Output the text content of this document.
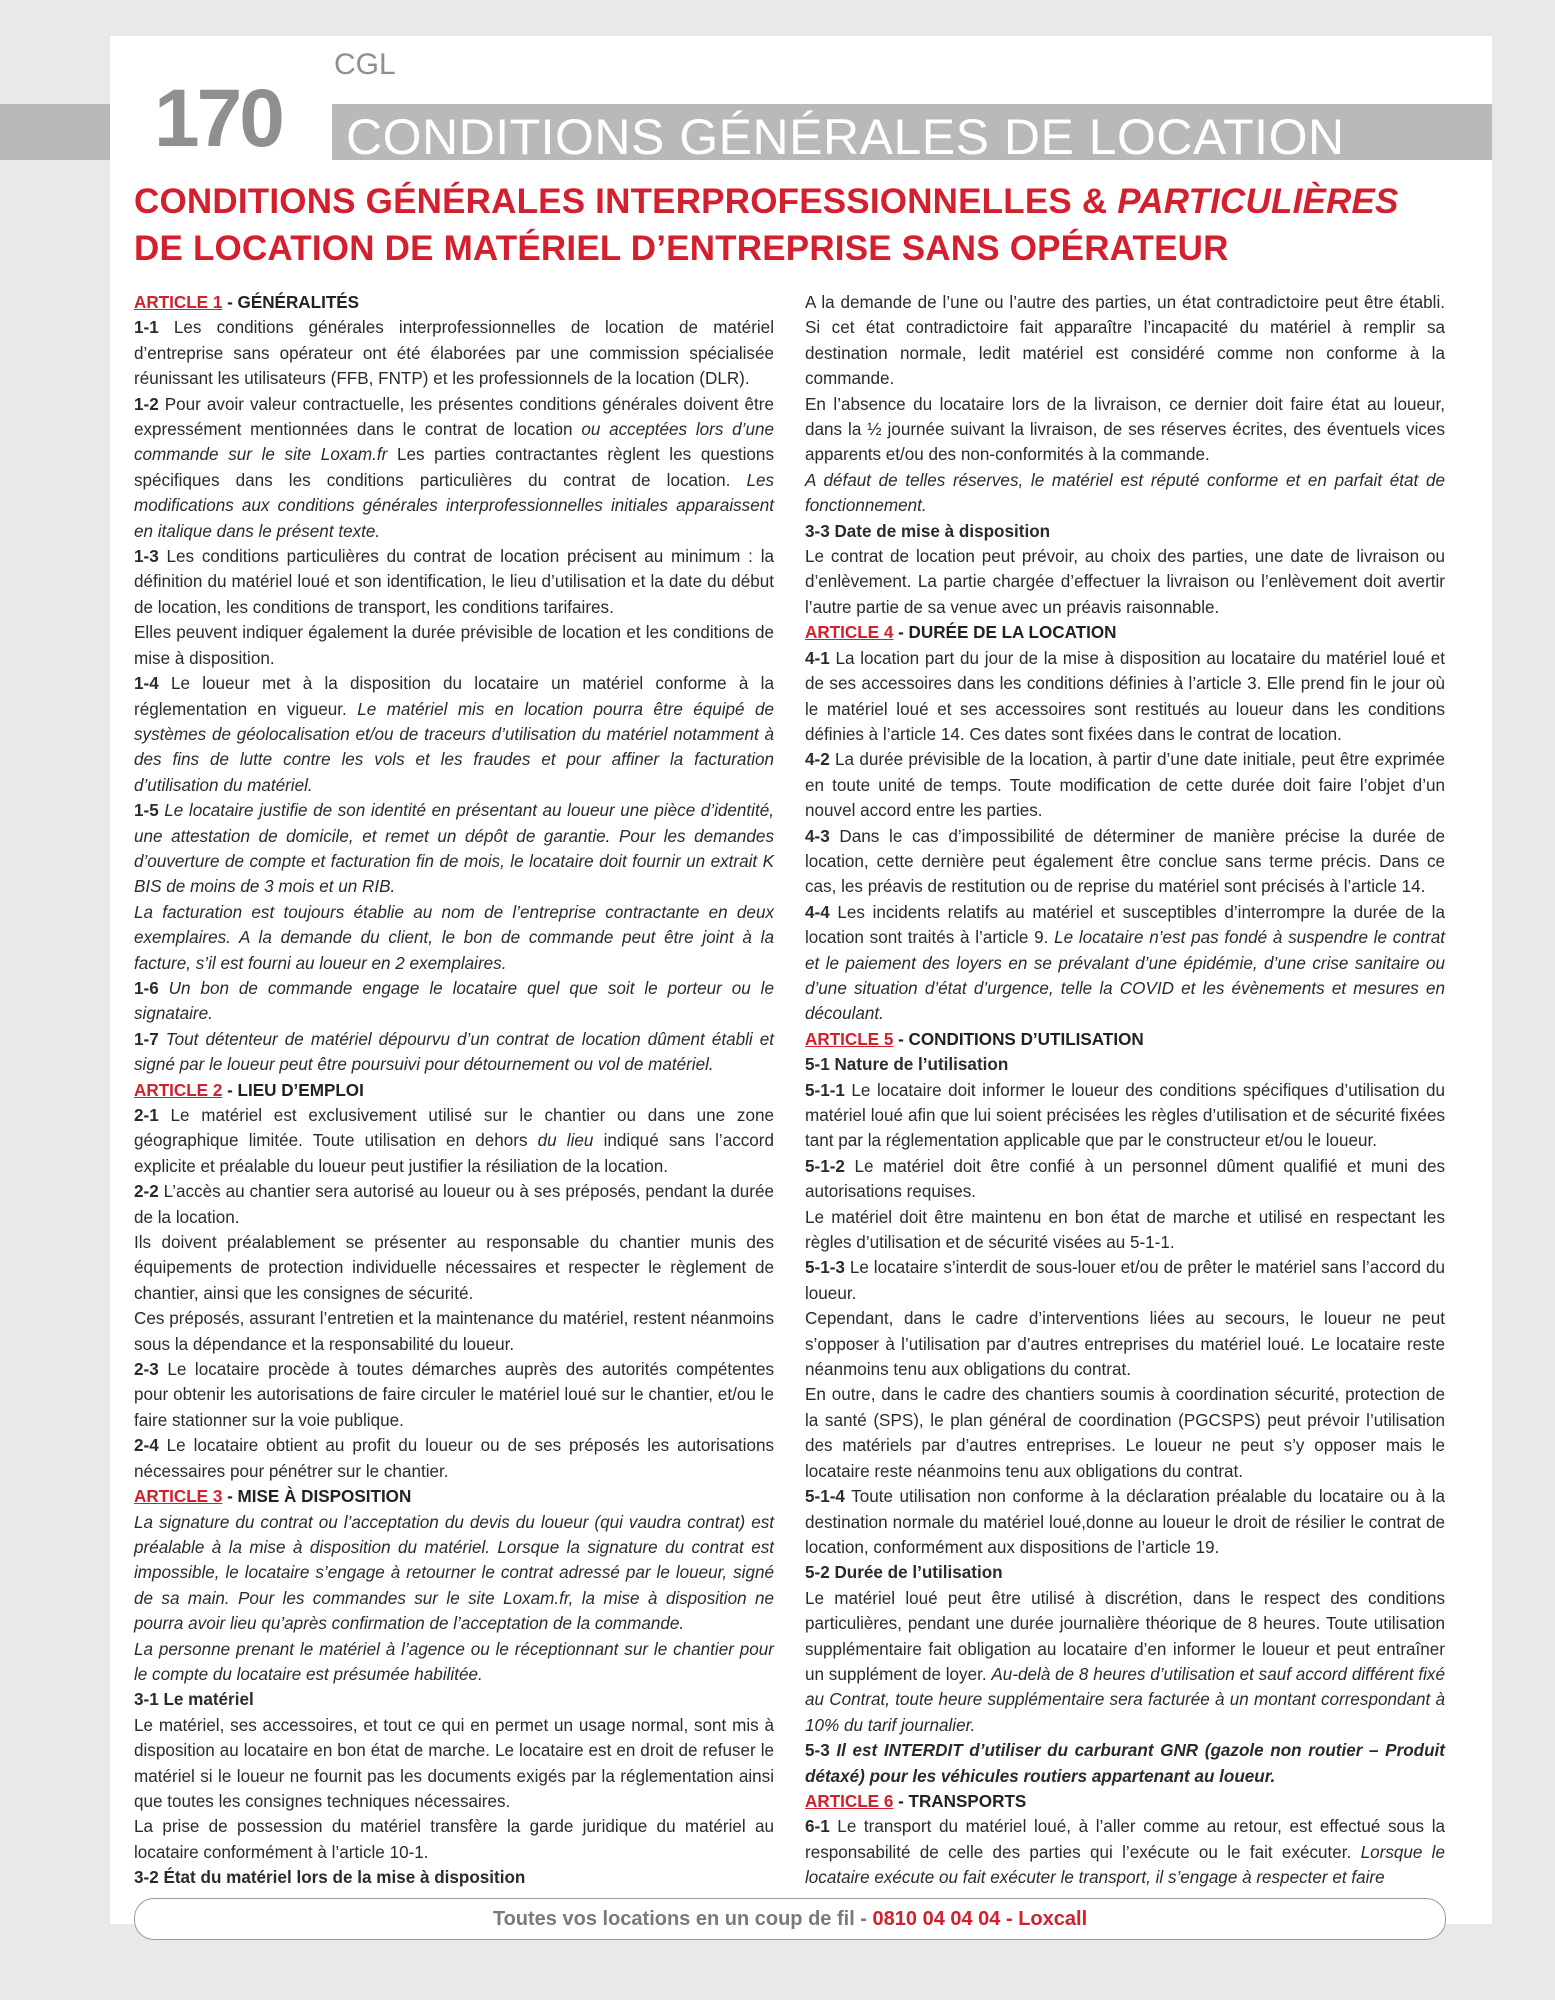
170
CGL
CONDITIONS GÉNÉRALES DE LOCATION
CONDITIONS GÉNÉRALES INTERPROFESSIONNELLES & PARTICULIÈRES
DE LOCATION DE MATÉRIEL D’ENTREPRISE SANS OPÉRATEUR

ARTICLE 1 - GÉNÉRALITÉS

1-1 Les conditions générales interprofessionnelles de location de matériel d’entreprise sans opérateur ont été élaborées par une commission spécialisée réunissant les utilisateurs (FFB, FNTP) et les professionnels de la location (DLR).

1-2 Pour avoir valeur contractuelle, les présentes conditions générales doivent être expressément mentionnées dans le contrat de location ou acceptées lors d’une commande sur le site Loxam.fr Les parties contractantes règlent les questions spécifiques dans les conditions particulières du contrat de location. Les modifications aux conditions générales interprofessionnelles initiales apparaissent en italique dans le présent texte.

1-3 Les conditions particulières du contrat de location précisent au minimum : la définition du matériel loué et son identification, le lieu d’utilisation et la date du début de location, les conditions de transport, les conditions tarifaires.

Elles peuvent indiquer également la durée prévisible de location et les conditions de mise à disposition.

1-4 Le loueur met à la disposition du locataire un matériel conforme à la réglementation en vigueur. Le matériel mis en location pourra être équipé de systèmes de géolocalisation et/ou de traceurs d’utilisation du matériel notamment à des fins de lutte contre les vols et les fraudes et pour affiner la facturation d’utilisation du matériel.

1-5 Le locataire justifie de son identité en présentant au loueur une pièce d’identité, une attestation de domicile, et remet un dépôt de garantie. Pour les demandes d’ouverture de compte et facturation fin de mois, le locataire doit fournir un extrait K BIS de moins de 3 mois et un RIB.

La facturation est toujours établie au nom de l’entreprise contractante en deux exemplaires. A la demande du client, le bon de commande peut être joint à la facture, s’il est fourni au loueur en 2 exemplaires.

1-6 Un bon de commande engage le locataire quel que soit le porteur ou le signataire.

1-7 Tout détenteur de matériel dépourvu d’un contrat de location dûment établi et signé par le loueur peut être poursuivi pour détournement ou vol de matériel.

ARTICLE 2 - LIEU D’EMPLOI

2-1 Le matériel est exclusivement utilisé sur le chantier ou dans une zone géographique limitée. Toute utilisation en dehors du lieu indiqué sans l’accord explicite et préalable du loueur peut justifier la résiliation de la location.

2-2 L’accès au chantier sera autorisé au loueur ou à ses préposés, pendant la durée de la location.

Ils doivent préalablement se présenter au responsable du chantier munis des équipements de protection individuelle nécessaires et respecter le règlement de chantier, ainsi que les consignes de sécurité.

Ces préposés, assurant l’entretien et la maintenance du matériel, restent néanmoins sous la dépendance et la responsabilité du loueur.

2-3 Le locataire procède à toutes démarches auprès des autorités compétentes pour obtenir les autorisations de faire circuler le matériel loué sur le chantier, et/ou le faire stationner sur la voie publique.

2-4 Le locataire obtient au profit du loueur ou de ses préposés les autorisations nécessaires pour pénétrer sur le chantier.

ARTICLE 3 - MISE À DISPOSITION

La signature du contrat ou l’acceptation du devis du loueur (qui vaudra contrat) est préalable à la mise à disposition du matériel. Lorsque la signature du contrat est impossible, le locataire s’engage à retourner le contrat adressé par le loueur, signé de sa main. Pour les commandes sur le site Loxam.fr, la mise à disposition ne pourra avoir lieu qu’après confirmation de l’acceptation de la commande.

La personne prenant le matériel à l’agence ou le réceptionnant sur le chantier pour le compte du locataire est présumée habilitée.

3-1 Le matériel

Le matériel, ses accessoires, et tout ce qui en permet un usage normal, sont mis à disposition au locataire en bon état de marche. Le locataire est en droit de refuser le matériel si le loueur ne fournit pas les documents exigés par la réglementation ainsi que toutes les consignes techniques nécessaires.

La prise de possession du matériel transfère la garde juridique du matériel au locataire conformément à l’article 10-1.

3-2 État du matériel lors de la mise à disposition

A la demande de l’une ou l’autre des parties, un état contradictoire peut être établi. Si cet état contradictoire fait apparaître l’incapacité du matériel à remplir sa destination normale, ledit matériel est considéré comme non conforme à la commande.

En l’absence du locataire lors de la livraison, ce dernier doit faire état au loueur, dans la ½ journée suivant la livraison, de ses réserves écrites, des éventuels vices apparents et/ou des non-conformités à la commande.

A défaut de telles réserves, le matériel est réputé conforme et en parfait état de fonctionnement.

3-3 Date de mise à disposition

Le contrat de location peut prévoir, au choix des parties, une date de livraison ou d’enlèvement. La partie chargée d’effectuer la livraison ou l’enlèvement doit avertir l’autre partie de sa venue avec un préavis raisonnable.

ARTICLE 4 - DURÉE DE LA LOCATION

4-1 La location part du jour de la mise à disposition au locataire du matériel loué et de ses accessoires dans les conditions définies à l’article 3. Elle prend fin le jour où le matériel loué et ses accessoires sont restitués au loueur dans les conditions définies à l’article 14. Ces dates sont fixées dans le contrat de location.

4-2 La durée prévisible de la location, à partir d’une date initiale, peut être exprimée en toute unité de temps. Toute modification de cette durée doit faire l’objet d’un nouvel accord entre les parties.

4-3 Dans le cas d’impossibilité de déterminer de manière précise la durée de location, cette dernière peut également être conclue sans terme précis. Dans ce cas, les préavis de restitution ou de reprise du matériel sont précisés à l’article 14.

4-4 Les incidents relatifs au matériel et susceptibles d’interrompre la durée de la location sont traités à l’article 9. Le locataire n’est pas fondé à suspendre le contrat et le paiement des loyers en se prévalant d’une épidémie, d’une crise sanitaire ou d’une situation d’état d’urgence, telle la COVID et les évènements et mesures en découlant.

ARTICLE 5 - CONDITIONS D’UTILISATION

5-1 Nature de l’utilisation

5-1-1 Le locataire doit informer le loueur des conditions spécifiques d’utilisation du matériel loué afin que lui soient précisées les règles d’utilisation et de sécurité fixées tant par la réglementation applicable que par le constructeur et/ou le loueur.

5-1-2 Le matériel doit être confié à un personnel dûment qualifié et muni des autorisations requises.

Le matériel doit être maintenu en bon état de marche et utilisé en respectant les règles d’utilisation et de sécurité visées au 5-1-1.

5-1-3 Le locataire s’interdit de sous-louer et/ou de prêter le matériel sans l’accord du loueur.

Cependant, dans le cadre d’interventions liées au secours, le loueur ne peut s’opposer à l’utilisation par d’autres entreprises du matériel loué. Le locataire reste néanmoins tenu aux obligations du contrat.

En outre, dans le cadre des chantiers soumis à coordination sécurité, protection de la santé (SPS), le plan général de coordination (PGCSPS) peut prévoir l’utilisation des matériels par d’autres entreprises. Le loueur ne peut s’y opposer mais le locataire reste néanmoins tenu aux obligations du contrat.

5-1-4 Toute utilisation non conforme à la déclaration préalable du locataire ou à la destination normale du matériel loué,donne au loueur le droit de résilier le contrat de location, conformément aux dispositions de l’article 19.

5-2 Durée de l’utilisation

Le matériel loué peut être utilisé à discrétion, dans le respect des conditions particulières, pendant une durée journalière théorique de 8 heures. Toute utilisation supplémentaire fait obligation au locataire d’en informer le loueur et peut entraîner un supplément de loyer. Au-delà de 8 heures d’utilisation et sauf accord différent fixé au Contrat, toute heure supplémentaire sera facturée à un montant correspondant à 10% du tarif journalier.

5-3 Il est INTERDIT d’utiliser du carburant GNR (gazole non routier – Produit détaxé) pour les véhicules routiers appartenant au loueur.

ARTICLE 6 - TRANSPORTS

6-1 Le transport du matériel loué, à l’aller comme au retour, est effectué sous la responsabilité de celle des parties qui l’exécute ou le fait exécuter. Lorsque le locataire exécute ou fait exécuter le transport, il s’engage à respecter et faire

Toutes vos locations en un coup de fil - 0810 04 04 04 - Loxcall
